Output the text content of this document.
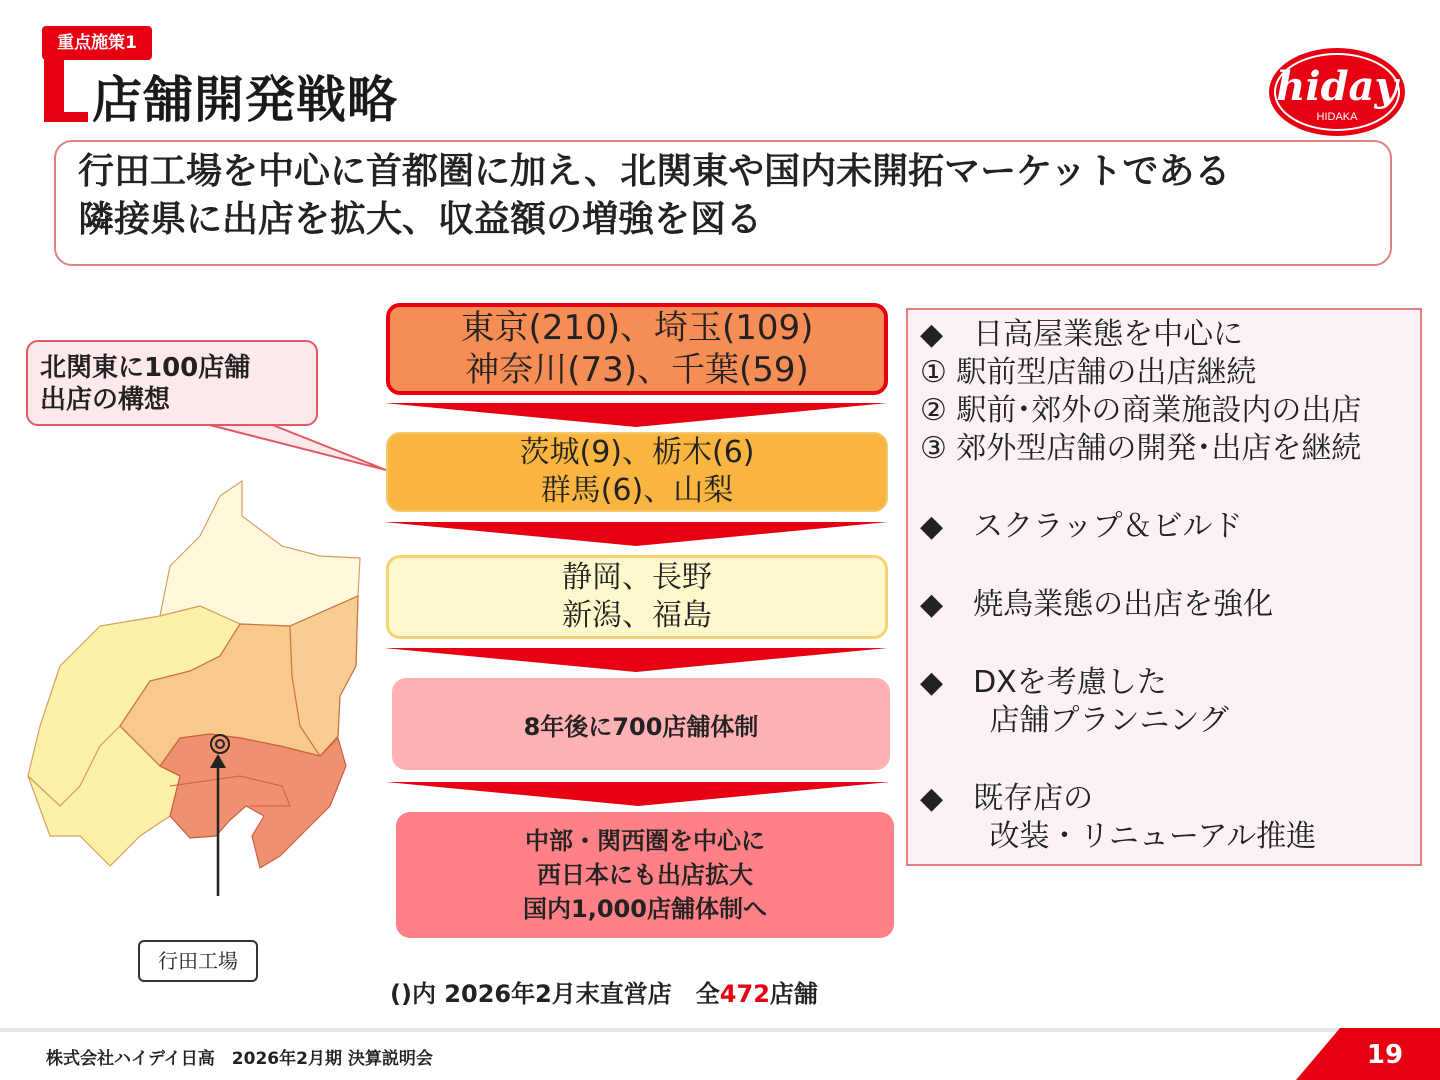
重点施策1
店舗開発戦略	hiday
HIDAKA
行田工場を中心に首都圏に加え、北関東や国内未開拓マーケットである
隣接県に出店を拡大、収益額の増強を図る
北関東に100店舗
出店の構想
行田工場
東京(210)、埼玉(109)
神奈川(73)、千葉(59)
茨城(9)、栃木(6)
群馬(6)、山梨
静岡、長野
新潟、福島
8年後に700店舗体制
中部・関西圏を中心に
西日本にも出店拡大
国内1,000店舗体制へ
()内 2026年2月末直営店　全472店舗
◆　日高屋業態を中心に
① 駅前型店舗の出店継続
② 駅前･郊外の商業施設内の出店
③ 郊外型店舗の開発･出店を継続
◆　スクラップ＆ビルド
◆　焼鳥業態の出店を強化
◆　DXを考慮した
　　 店舗プランニング
◆　既存店の
　　 改装・リニューアル推進
株式会社ハイデイ日高　2026年2月期 決算説明会	19
